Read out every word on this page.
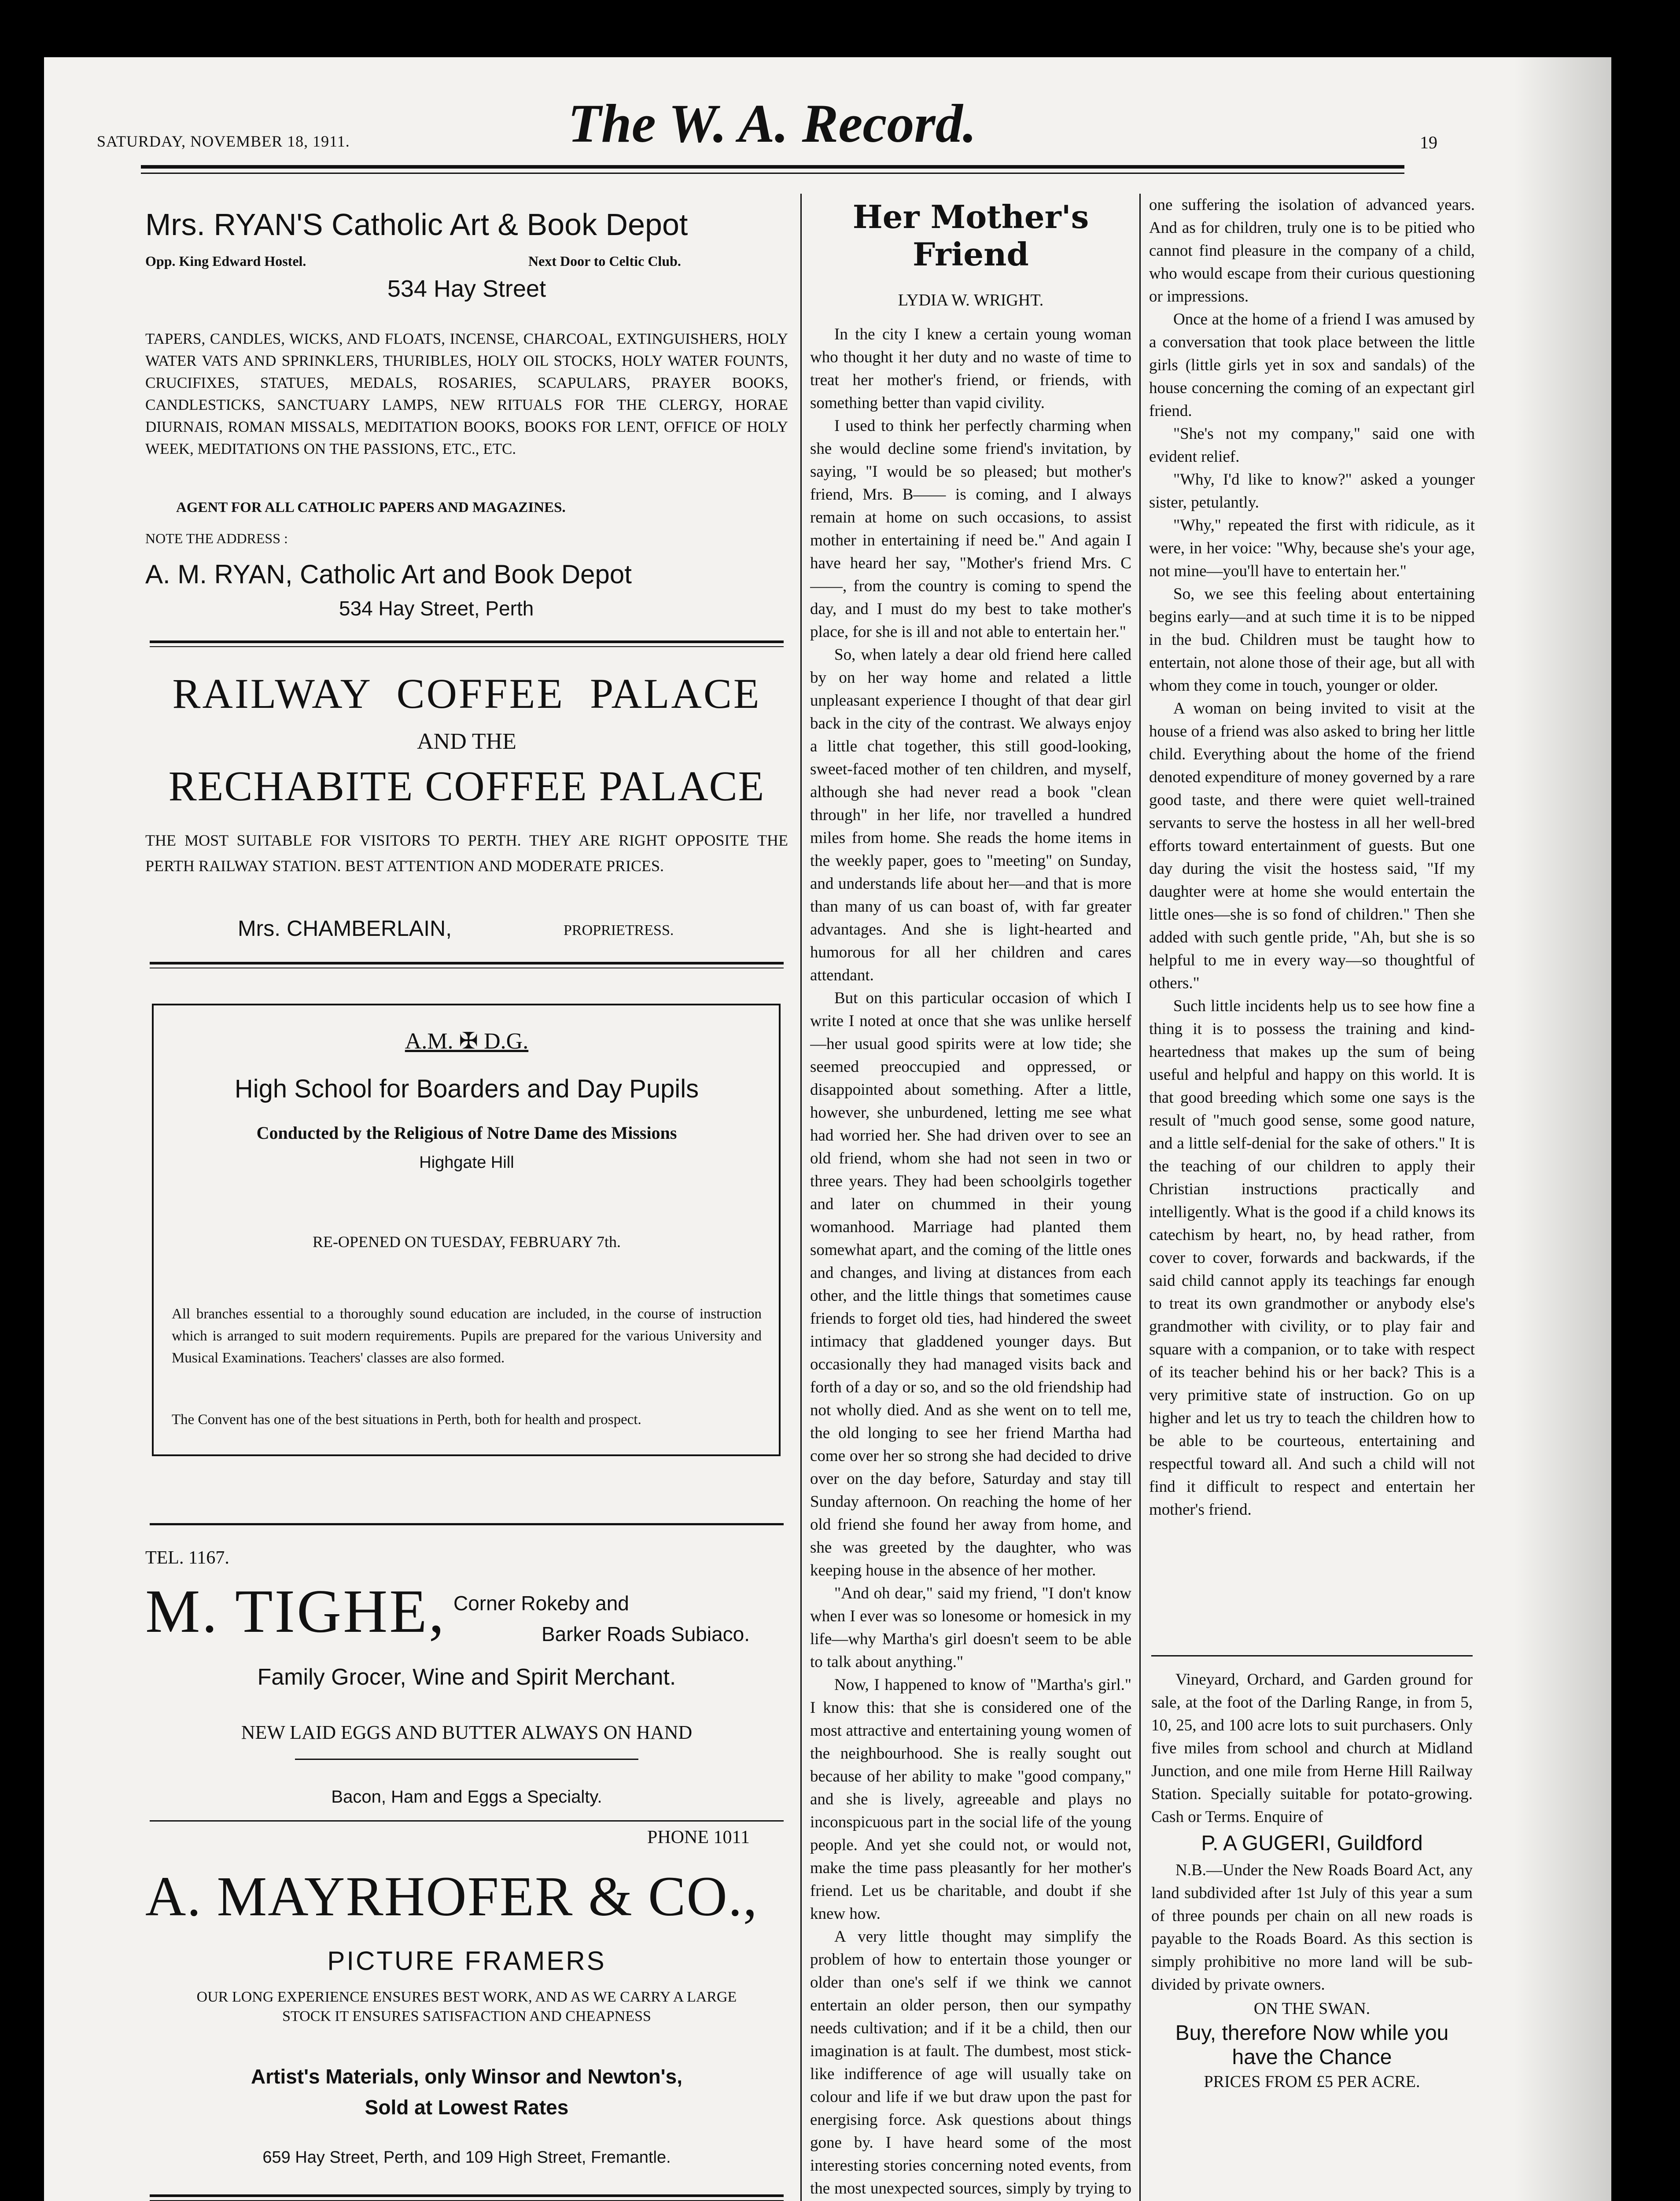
SATURDAY, NOVEMBER 18, 1911.	The W. A. Record.	19
Mrs. RYAN'S Catholic Art & Book Depot
Opp. King Edward Hostel.	Next Door to Celtic Club.
534 Hay Street
TAPERS, CANDLES, WICKS, AND FLOATS, INCENSE, CHARCOAL, EXTINGUISHERS, HOLY WATER VATS AND SPRINKLERS, THURIBLES, HOLY OIL STOCKS, HOLY WATER FOUNTS, CRUCIFIXES, STATUES, MEDALS, ROSARIES, SCAPULARS, PRAYER BOOKS, CANDLESTICKS, SANCTUARY LAMPS, NEW RITUALS FOR THE CLERGY, HORAE DIURNAIS, ROMAN MISSALS, MEDITATION BOOKS, BOOKS FOR LENT, OFFICE OF HOLY WEEK, MEDITATIONS ON THE PASSIONS, ETC., ETC.
AGENT FOR ALL CATHOLIC PAPERS AND MAGAZINES.
NOTE THE ADDRESS :
A. M. RYAN, Catholic Art and Book Depot
534 Hay Street, Perth
RAILWAY COFFEE PALACE
AND THE
RECHABITE COFFEE PALACE
THE MOST SUITABLE FOR VISITORS TO PERTH. THEY ARE RIGHT OPPOSITE THE PERTH RAILWAY STATION. BEST ATTENTION AND MODERATE PRICES.
Mrs. CHAMBERLAIN,	PROPRIETRESS.
A.M. ✠ D.G.
High School for Boarders and Day Pupils
Conducted by the Religious of Notre Dame des Missions
Highgate Hill
RE-OPENED ON TUESDAY, FEBRUARY 7th.
All branches essential to a thoroughly sound education are included, in the course of instruction which is arranged to suit modern requirements. Pupils are prepared for the various University and Musical Examinations. Teachers' classes are also formed.
The Convent has one of the best situations in Perth, both for health and prospect.
TEL. 1167.
M. TIGHE, Corner Rokeby and
Barker Roads Subiaco.
Family Grocer, Wine and Spirit Merchant.
NEW LAID EGGS AND BUTTER ALWAYS ON HAND
Bacon, Ham and Eggs a Specialty.
PHONE 1011
A. MAYRHOFER & CO.,
PICTURE FRAMERS
OUR LONG EXPERIENCE ENSURES BEST WORK, AND AS WE CARRY A LARGE STOCK IT ENSURES SATISFACTION AND CHEAPNESS
Artist's Materials, only Winsor and Newton's,
Sold at Lowest Rates
659 Hay Street, Perth, and 109 High Street, Fremantle.
Her Mother's Friend
LYDIA W. WRIGHT.

In the city I knew a certain young woman who thought it her duty and no waste of time to treat her mother's friend, or friends, with something better than vapid civility.

I used to think her perfectly charming when she would decline some friend's invitation, by saying, "I would be so pleased; but mother's friend, Mrs. B—— is coming, and I always remain at home on such occasions, to assist mother in entertaining if need be." And again I have heard her say, "Mother's friend Mrs. C——, from the country is coming to spend the day, and I must do my best to take mother's place, for she is ill and not able to entertain her."

So, when lately a dear old friend here called by on her way home and related a little unpleasant experience I thought of that dear girl back in the city of the contrast. We always enjoy a little chat together, this still good-looking, sweet-faced mother of ten children, and myself, although she had never read a book "clean through" in her life, nor travelled a hundred miles from home. She reads the home items in the weekly paper, goes to "meeting" on Sunday, and understands life about her—and that is more than many of us can boast of, with far greater advantages. And she is light-hearted and humorous for all her children and cares attendant.

But on this particular occasion of which I write I noted at once that she was unlike herself—her usual good spirits were at low tide; she seemed preoccupied and oppressed, or disappointed about something. After a little, however, she unburdened, letting me see what had worried her. She had driven over to see an old friend, whom she had not seen in two or three years. They had been schoolgirls together and later on chummed in their young womanhood. Marriage had planted them somewhat apart, and the coming of the little ones and changes, and living at distances from each other, and the little things that sometimes cause friends to forget old ties, had hindered the sweet intimacy that gladdened younger days. But occasionally they had managed visits back and forth of a day or so, and so the old friendship had not wholly died. And as she went on to tell me, the old longing to see her friend Martha had come over her so strong she had decided to drive over on the day before, Saturday and stay till Sunday afternoon. On reaching the home of her old friend she found her away from home, and she was greeted by the daughter, who was keeping house in the absence of her mother.

"And oh dear," said my friend, "I don't know when I ever was so lonesome or homesick in my life—why Martha's girl doesn't seem to be able to talk about anything."

Now, I happened to know of "Martha's girl." I know this: that she is considered one of the most attractive and entertaining young women of the neighbourhood. She is really sought out because of her ability to make "good company," and she is lively, agreeable and plays no inconspicuous part in the social life of the young people. And yet she could not, or would not, make the time pass pleasantly for her mother's friend. Let us be charitable, and doubt if she knew how.

A very little thought may simplify the problem of how to entertain those younger or older than one's self if we think we cannot entertain an older person, then our sympathy needs cultivation; and if it be a child, then our imagination is at fault. The dumbest, most stick-like indifference of age will usually take on colour and life if we but draw upon the past for energising force. Ask questions about things gone by. I have heard some of the most interesting stories concerning noted events, from the most unexpected sources, simply by trying to

one suffering the isolation of advanced years. And as for children, truly one is to be pitied who cannot find pleasure in the company of a child, who would escape from their curious questioning or impressions.

Once at the home of a friend I was amused by a conversation that took place between the little girls (little girls yet in sox and sandals) of the house concerning the coming of an expectant girl friend.

"She's not my company," said one with evident relief.

"Why, I'd like to know?" asked a younger sister, petulantly.

"Why," repeated the first with ridicule, as it were, in her voice: "Why, because she's your age, not mine—you'll have to entertain her."

So, we see this feeling about entertaining begins early—and at such time it is to be nipped in the bud. Children must be taught how to entertain, not alone those of their age, but all with whom they come in touch, younger or older.

A woman on being invited to visit at the house of a friend was also asked to bring her little child. Everything about the home of the friend denoted expenditure of money governed by a rare good taste, and there were quiet well-trained servants to serve the hostess in all her well-bred efforts toward entertainment of guests. But one day during the visit the hostess said, "If my daughter were at home she would entertain the little ones—she is so fond of children." Then she added with such gentle pride, "Ah, but she is so helpful to me in every way—so thoughtful of others."

Such little incidents help us to see how fine a thing it is to possess the training and kind-heartedness that makes up the sum of being useful and helpful and happy on this world. It is that good breeding which some one says is the result of "much good sense, some good nature, and a little self-denial for the sake of others." It is the teaching of our children to apply their Christian instructions practically and intelligently. What is the good if a child knows its catechism by heart, no, by head rather, from cover to cover, forwards and backwards, if the said child cannot apply its teachings far enough to treat its own grandmother or anybody else's grandmother with civility, or to play fair and square with a companion, or to take with respect of its teacher behind his or her back? This is a very primitive state of instruction. Go on up higher and let us try to teach the children how to be able to be courteous, entertaining and respectful toward all. And such a child will not find it difficult to respect and entertain her mother's friend.

Vineyard, Orchard, and Garden ground for sale, at the foot of the Darling Range, in from 5, 10, 25, and 100 acre lots to suit purchasers. Only five miles from school and church at Midland Junction, and one mile from Herne Hill Railway Station. Specially suitable for potato-growing. Cash or Terms. Enquire of
P. A GUGERI, Guildford
N.B.—Under the New Roads Board Act, any land subdivided after 1st July of this year a sum of three pounds per chain on all new roads is payable to the Roads Board. As this section is simply prohibitive no more land will be sub-divided by private owners.
ON THE SWAN.
Buy, therefore Now while you
have the Chance
PRICES FROM £5 PER ACRE.
